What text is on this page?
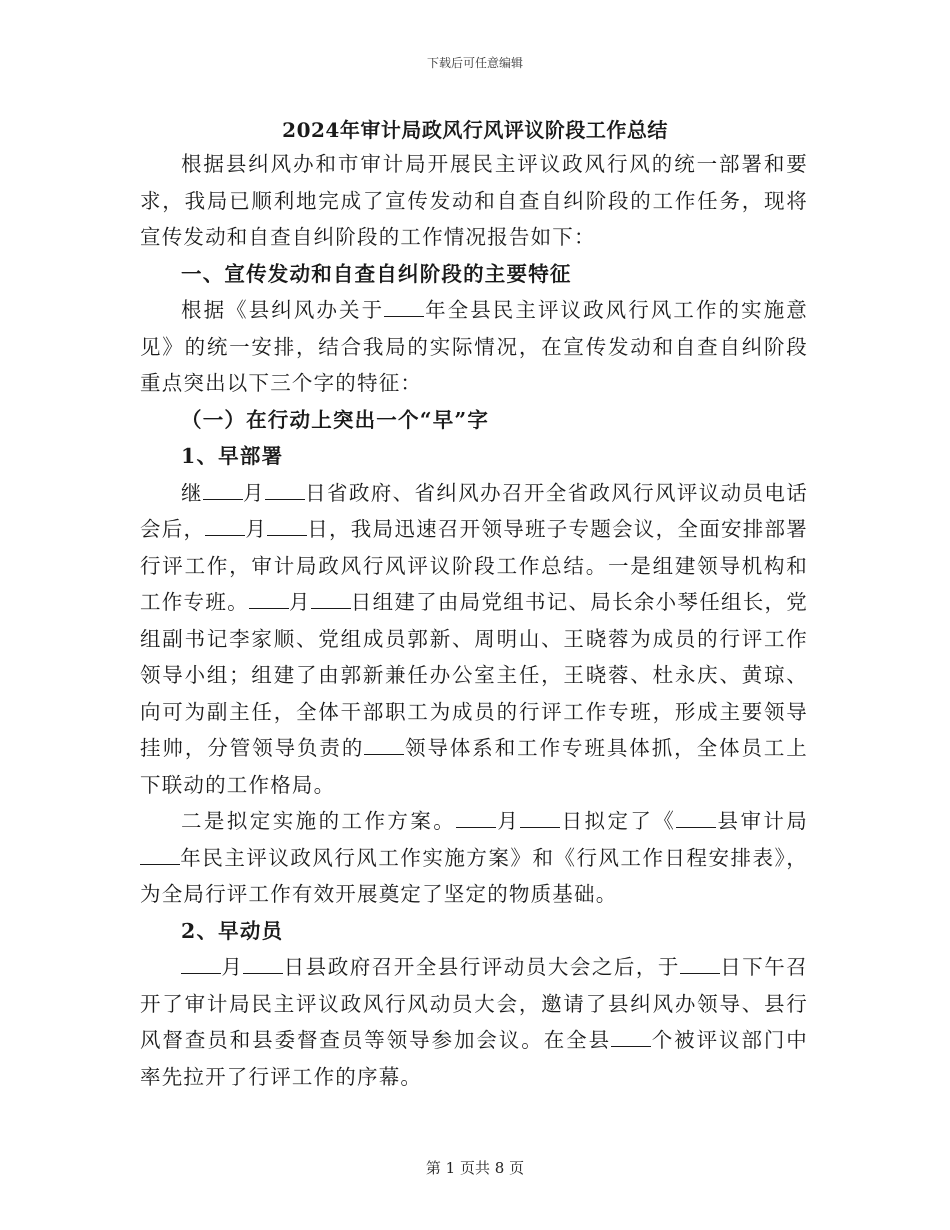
下载后可任意编辑
2024年审计局政风行风评议阶段工作总结

根据县纠风办和市审计局开展民主评议政风行风的统一部署和要求，我局已顺利地完成了宣传发动和自查自纠阶段的工作任务，现将宣传发动和自查自纠阶段的工作情况报告如下：

一、宣传发动和自查自纠阶段的主要特征

根据《县纠风办关于 年全县民主评议政风行风工作的实施意见》的统一安排，结合我局的实际情况，在宣传发动和自查自纠阶段重点突出以下三个字的特征：

（一）在行动上突出一个“早”字

1、早部署

继 月 日省政府、省纠风办召开全省政风行风评议动员电话会后， 月 日，我局迅速召开领导班子专题会议，全面安排部署行评工作，审计局政风行风评议阶段工作总结。一是组建领导机构和工作专班。 月 日组建了由局党组书记、局长余小琴任组长，党组副书记李家顺、党组成员郭新、周明山、王晓蓉为成员的行评工作领导小组；组建了由郭新兼任办公室主任，王晓蓉、杜永庆、黄琼、向可为副主任，全体干部职工为成员的行评工作专班，形成主要领导挂帅，分管领导负责的 领导体系和工作专班具体抓，全体员工上下联动的工作格局。

二是拟定实施的工作方案。 月 日拟定了《 县审计局年民主评议政风行风工作实施方案》和《行风工作日程安排表》，为全局行评工作有效开展奠定了坚定的物质基础。

2、早动员

月 日县政府召开全县行评动员大会之后，于 日下午召开了审计局民主评议政风行风动员大会，邀请了县纠风办领导、县行风督查员和县委督查员等领导参加会议。在全县 个被评议部门中率先拉开了行评工作的序幕。

第 1 页共 8 页
